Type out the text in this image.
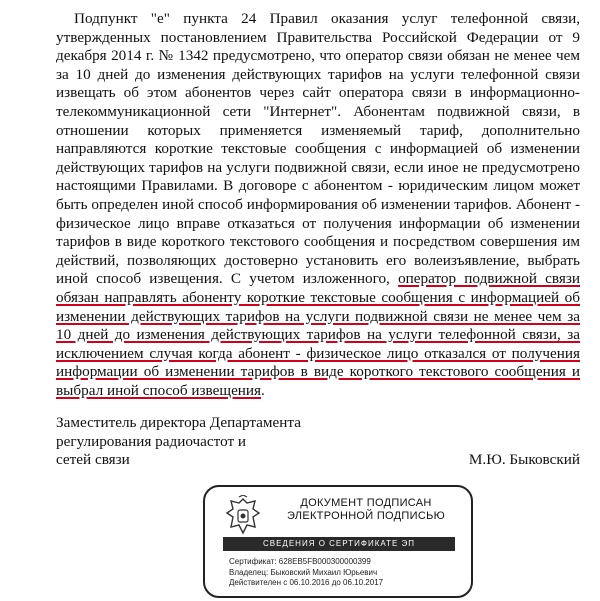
Подпункт "е" пункта 24 Правил оказания услуг телефонной связи, утвержденных постановлением Правительства Российской Федерации от 9 декабря 2014 г. № 1342 предусмотрено, что оператор связи обязан не менее чем за 10 дней до изменения действующих тарифов на услуги телефонной связи извещать об этом абонентов через сайт оператора связи в информационно-телекоммуникационной сети "Интернет". Абонентам подвижной связи, в отношении которых применяется изменяемый тариф, дополнительно направляются короткие текстовые сообщения с информацией об изменении действующих тарифов на услуги подвижной связи, если иное не предусмотрено настоящими Правилами. В договоре с абонентом - юридическим лицом может быть определен иной способ информирования об изменении тарифов. Абонент - физическое лицо вправе отказаться от получения информации об изменении тарифов в виде короткого текстового сообщения и посредством совершения им действий, позволяющих достоверно установить его волеизъявление, выбрать иной способ извещения. С учетом изложенного, оператор подвижной связи обязан направлять абоненту короткие текстовые сообщения с информацией об изменении действующих тарифов на услуги подвижной связи не менее чем за 10 дней до изменения действующих тарифов на услуги телефонной связи, за исключением случая когда абонент - физическое лицо отказался от получения информации об изменении тарифов в виде короткого текстового сообщения и выбрал иной способ извещения.

Заместитель директора Департамента
регулирования радиочастот и
сетей связи	М.Ю. Быковский
ДОКУМЕНТ ПОДПИСАН
ЭЛЕКТРОННОЙ ПОДПИСЬЮ
СВЕДЕНИЯ О СЕРТИФИКАТЕ ЭП
Сертификат: 628EB5FB000300000399
Владелец: Быковский Михаил Юрьевич
Действителен с 06.10.2016 до 06.10.2017
